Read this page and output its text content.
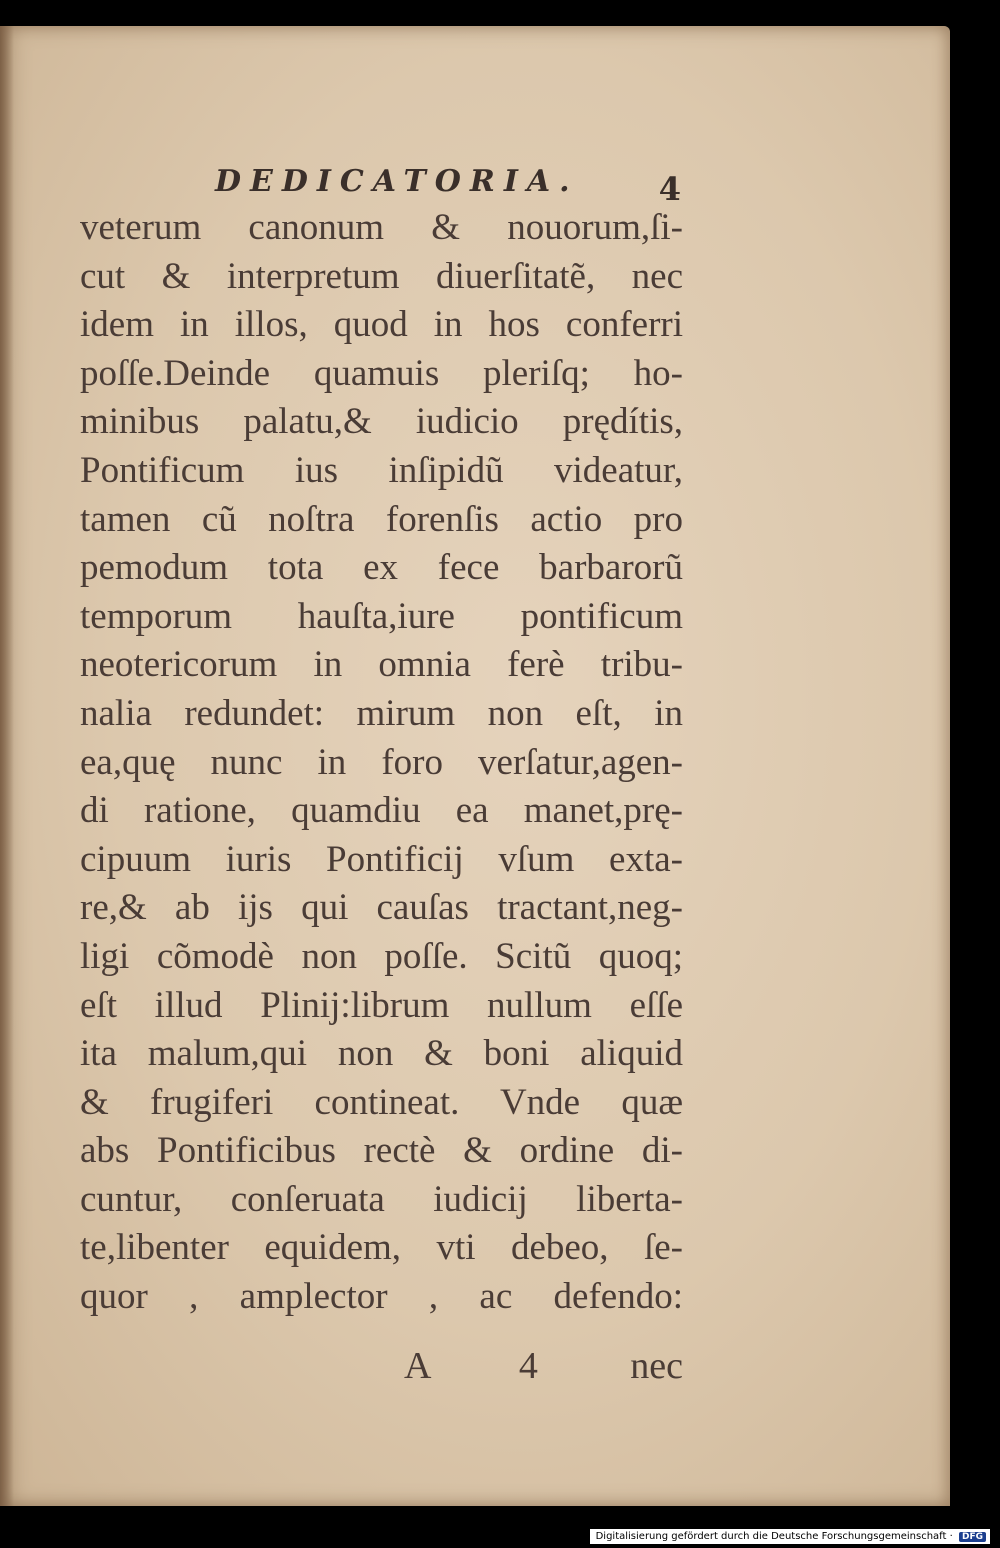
DEDICATORIA.	4
veterum canonum & nouorum,ſi-
cut & interpretum diuerſitatẽ, nec
idem in illos, quod in hos conferri
poſſe.Deinde quamuis pleriſq; ho-
minibus palatu,& iudicio prędítis,
Pontificum ius inſipidũ videatur,
tamen cũ noſtra forenſis actio pro
pemodum tota ex fece barbarorũ
temporum hauſta,iure pontificum
neotericorum in omnia ferè tribu-
nalia redundet: mirum non eſt, in
ea,quę nunc in foro verſatur,agen-
di ratione, quamdiu ea manet,prę-
cipuum iuris Pontificij vſum exta-
re,& ab ijs qui cauſas tractant,neg-
ligi cõmodè non poſſe. Scitũ quoq;
eſt illud Plinij:librum nullum eſſe
ita malum,qui non & boni aliquid
& frugiferi contineat. Vnde quæ
abs Pontificibus rectè & ordine di-
cuntur, conſeruata iudicij liberta-
te,libenter equidem, vti debeo, ſe-
quor , amplector , ac defendo:
A 4 nec
Digitalisierung gefördert durch die Deutsche Forschungsgemeinschaft · DFG
